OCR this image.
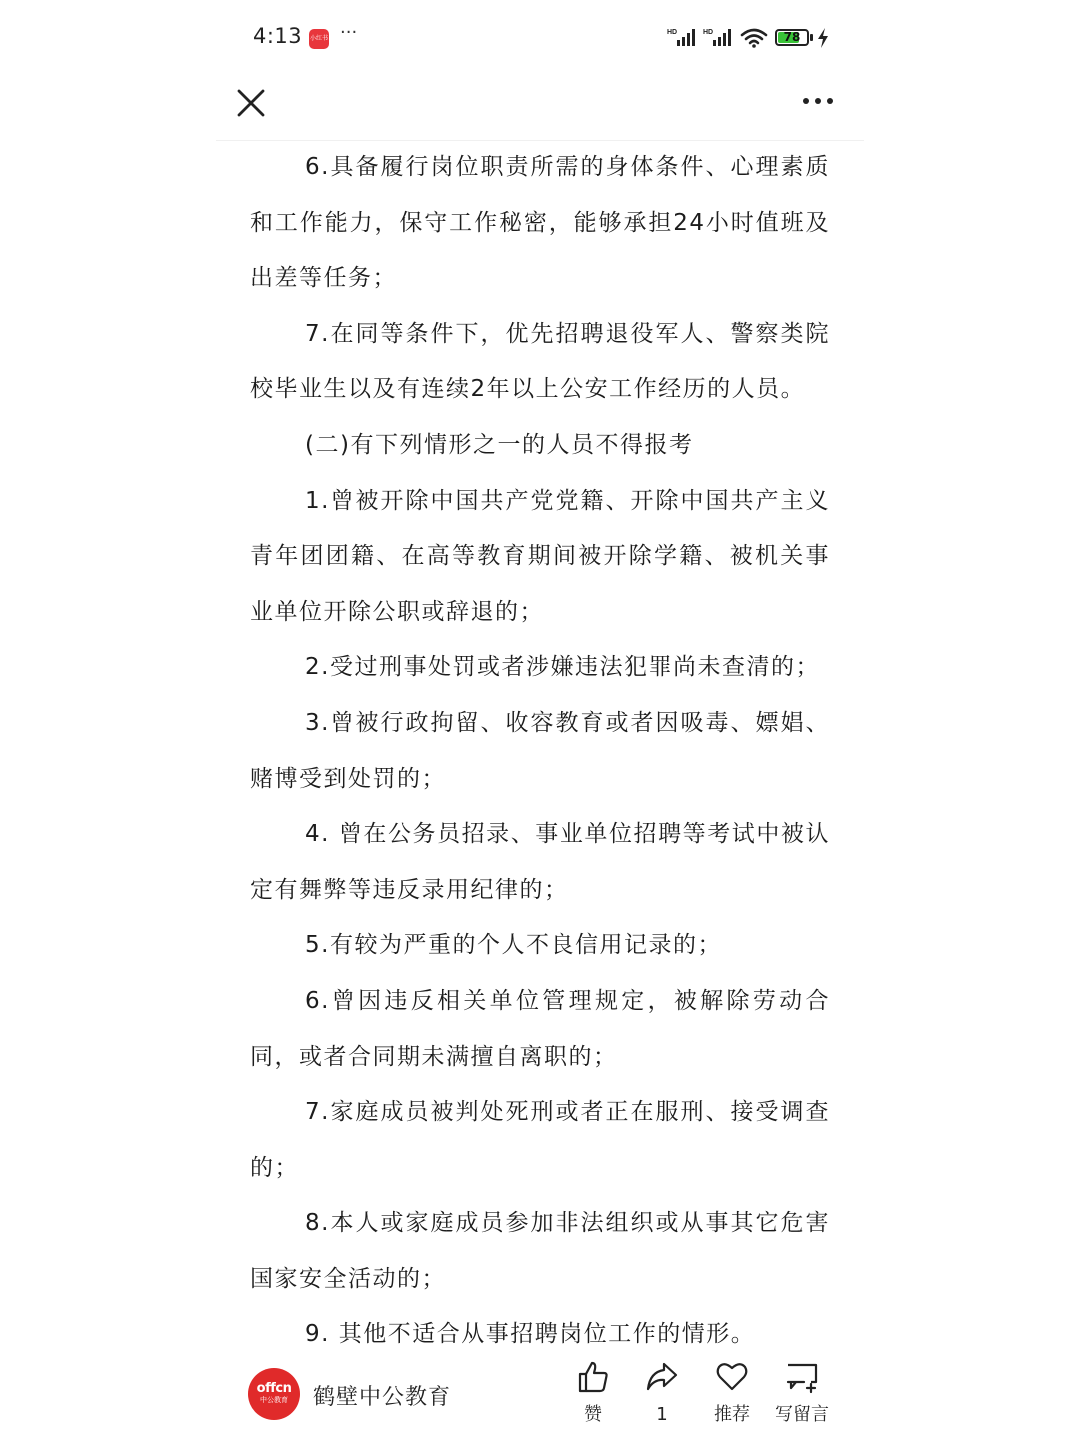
4:13 小红书 ···	HD	HD	78

6.具备履行岗位职责所需的身体条件、心理素质和工作能力，保守工作秘密，能够承担24小时值班及出差等任务；

7.在同等条件下，优先招聘退役军人、警察类院校毕业生以及有连续2年以上公安工作经历的人员。

(二)有下列情形之一的人员不得报考

1.曾被开除中国共产党党籍、开除中国共产主义青年团团籍、在高等教育期间被开除学籍、被机关事业单位开除公职或辞退的；

2.受过刑事处罚或者涉嫌违法犯罪尚未查清的；

3.曾被行政拘留、收容教育或者因吸毒、嫖娼、赌博受到处罚的；

4. 曾在公务员招录、事业单位招聘等考试中被认定有舞弊等违反录用纪律的；

5.有较为严重的个人不良信用记录的；

6.曾因违反相关单位管理规定，被解除劳动合同，或者合同期未满擅自离职的；

7.家庭成员被判处死刑或者正在服刑、接受调查的；

8.本人或家庭成员参加非法组织或从事其它危害国家安全活动的；

9. 其他不适合从事招聘岗位工作的情形。

offcn
中公教育	鹤壁中公教育
赞	1	推荐	写留言
